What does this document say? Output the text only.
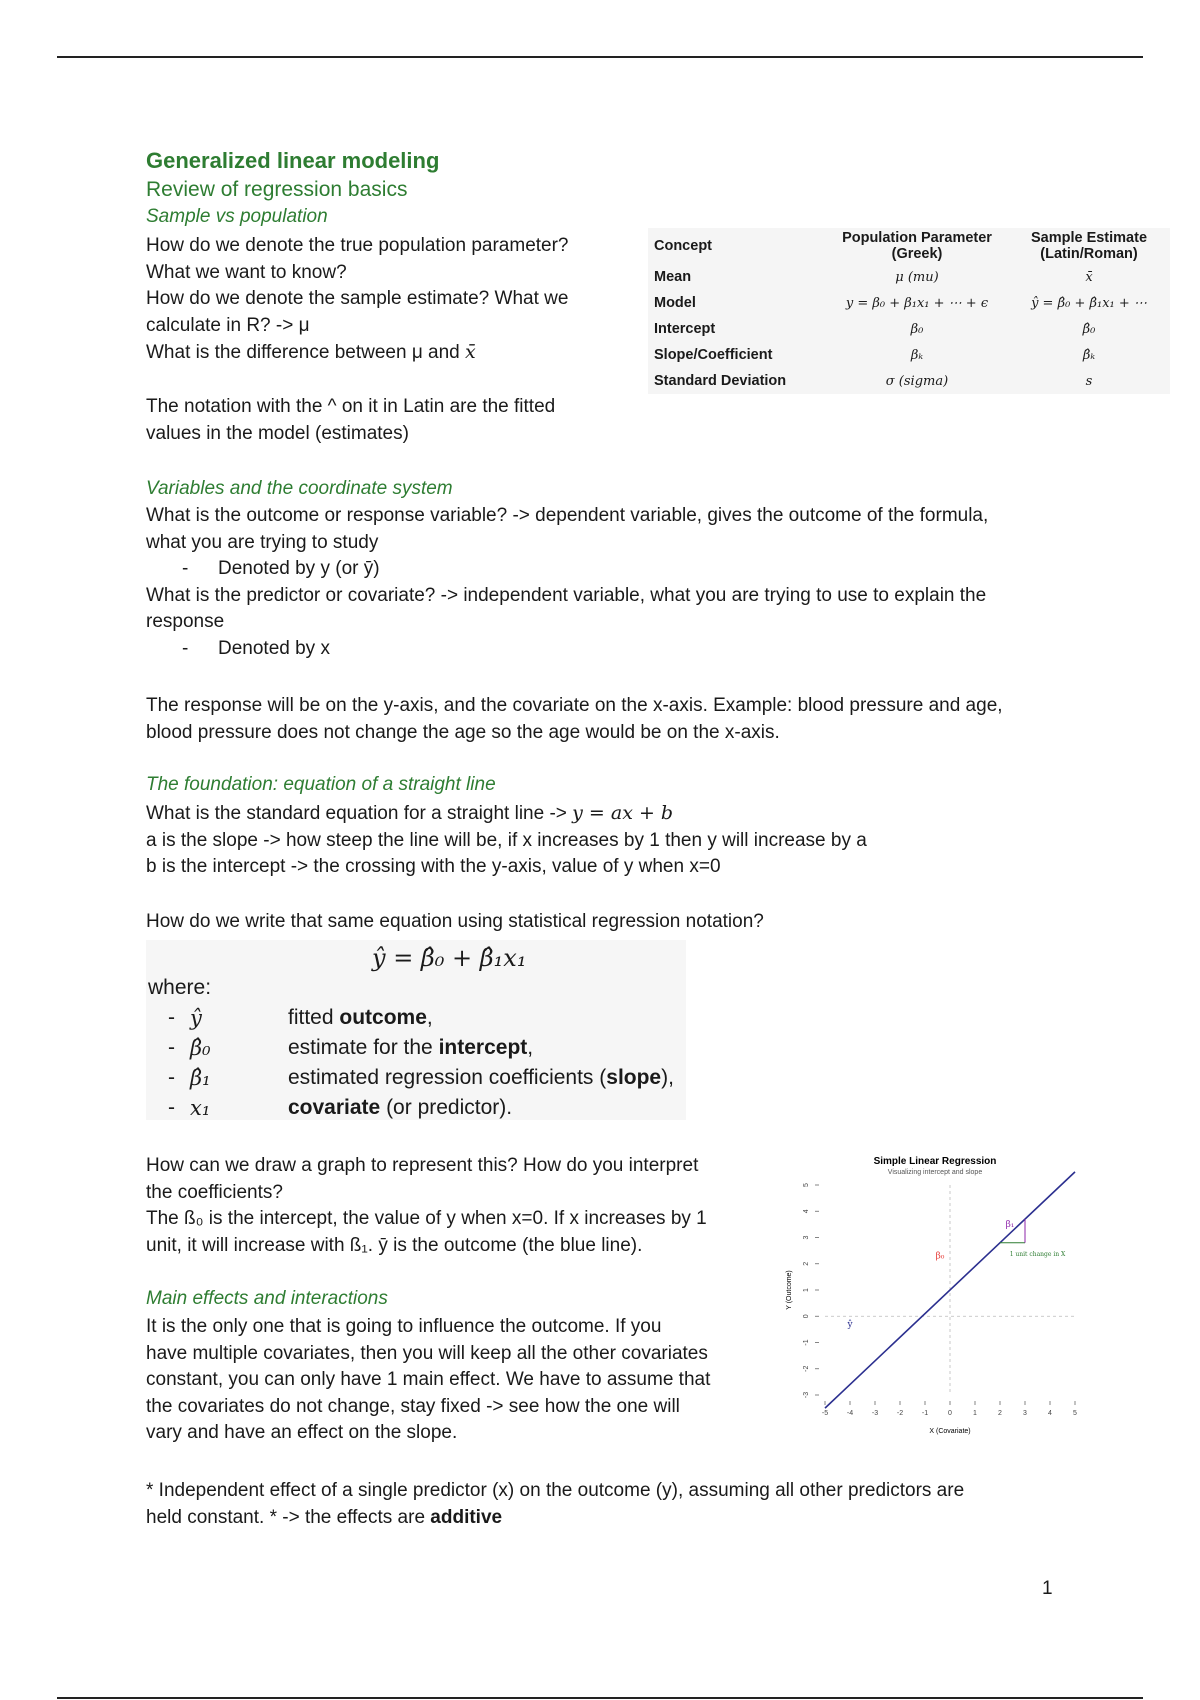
Generalized linear modeling
Review of regression basics
Sample vs population
How do we denote the true population parameter?
What we want to know?
How do we denote the sample estimate? What we
calculate in R? -> μ
What is the difference between μ and x̄
The notation with the ^ on it in Latin are the fitted
values in the model (estimates)
Concept	Population Parameter (Greek)	Sample Estimate (Latin/Roman)
Mean	μ (mu)	x̄
Model	y = β₀ + β₁x₁ + ⋯ + ϵ	ŷ = β̂₀ + β̂₁x₁ + ⋯
Intercept	β₀	β̂₀
Slope/Coefficient	βₖ	β̂ₖ
Standard Deviation	σ (sigma)	s
Variables and the coordinate system
What is the outcome or response variable? -> dependent variable, gives the outcome of the formula,
what you are trying to study
- Denoted by y (or ȳ)
What is the predictor or covariate? -> independent variable, what you are trying to use to explain the
response
- Denoted by x
The response will be on the y-axis, and the covariate on the x-axis. Example: blood pressure and age,
blood pressure does not change the age so the age would be on the x-axis.
The foundation: equation of a straight line
What is the standard equation for a straight line -> y = ax + b
a is the slope -> how steep the line will be, if x increases by 1 then y will increase by a
b is the intercept -> the crossing with the y-axis, value of y when x=0
How do we write that same equation using statistical regression notation?
ŷ = β̂₀ + β̂₁x₁
where:
- ŷ	fitted outcome,
- β̂₀	estimate for the intercept,
- β̂₁	estimated regression coefficients (slope),
- x₁	covariate (or predictor).
How can we draw a graph to represent this? How do you interpret
the coefficients?
The ß₀ is the intercept, the value of y when x=0. If x increases by 1
unit, it will increase with ß₁. ȳ is the outcome (the blue line).
Main effects and interactions
It is the only one that is going to influence the outcome. If you
have multiple covariates, then you will keep all the other covariates
constant, you can only have 1 main effect. We have to assume that
the covariates do not change, stay fixed -> see how the one will
vary and have an effect on the slope.
* Independent effect of a single predictor (x) on the outcome (y), assuming all other predictors are
held constant. * -> the effects are additive
1
Simple Linear Regression
Visualizing intercept and slope
-5	-4	-3	-2	-1	0	1	2	3	4	5
-3
-2
-1
0
1
2
3
4
5
X (Covariate)
Y (Outcome)
ŷ
β₀
β₁
1 unit change in X
